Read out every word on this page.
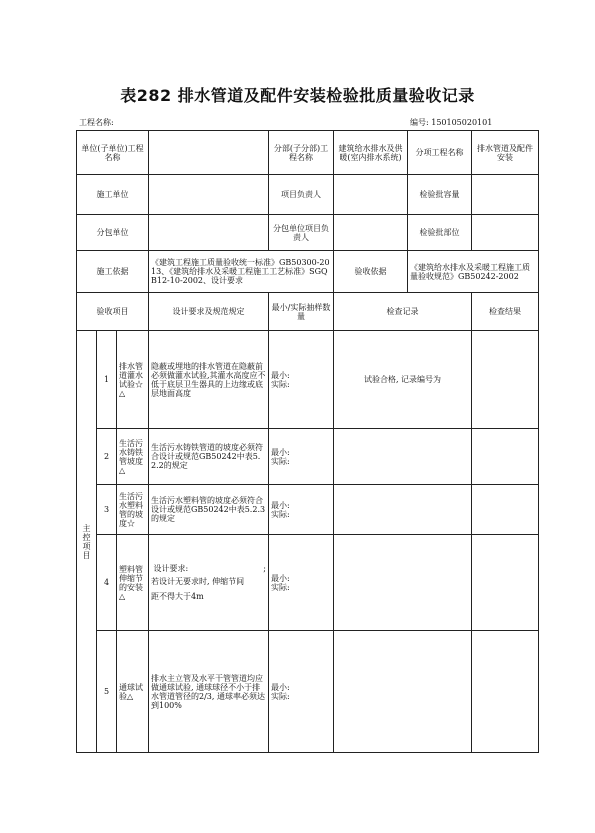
表282 排水管道及配件安装检验批质量验收记录
工程名称:	编号: 150105020101
单位(子单位)工程名称				分部(子分部)工程名称	建筑给水排水及供暖(室内排水系统)	分项工程名称	排水管道及配件安装
施工单位				项目负责人		检验批容量	
分包单位				分包单位项目负责人		检验批部位	
施工依据			《建筑工程施工质量验收统一标准》GB50300-2013、《建筑给排水及采暖工程施工工艺标准》SGQB12-10-2002、设计要求		验收依据	《建筑给水排水及采暖工程施工质量验收规范》GB50242-2002	
验收项目			设计要求及规范规定	最小/实际抽样数量	检查记录		检查结果

主控项目	1	排水管道灌水试验☆△	隐蔽或埋地的排水管道在隐蔽前必须做灌水试验,其灌水高度应不低于底层卫生器具的上边缘或底层地面高度	最小:
实际:	试验合格, 记录编号为		
	2	生活污水铸铁管坡度△	生活污水铸铁管道的坡度必须符合设计或规范GB50242中表5.2.2的规定	最小:
实际:			

	3	生活污水塑料管的坡度☆	生活污水塑料管的坡度必须符合设计或规范GB50242中表5.2.3的规定	最小:
实际:			

	4	塑料管伸缩节的安装△	设计要求: ;
若设计无要求时, 伸缩节间
距不得大于4m	最小:
实际:			

	5	通球试验△	排水主立管及水平干管管道均应做通球试验, 通球球径不小于排水管道管径的2/3, 通球率必须达到100%	最小:
实际:			
